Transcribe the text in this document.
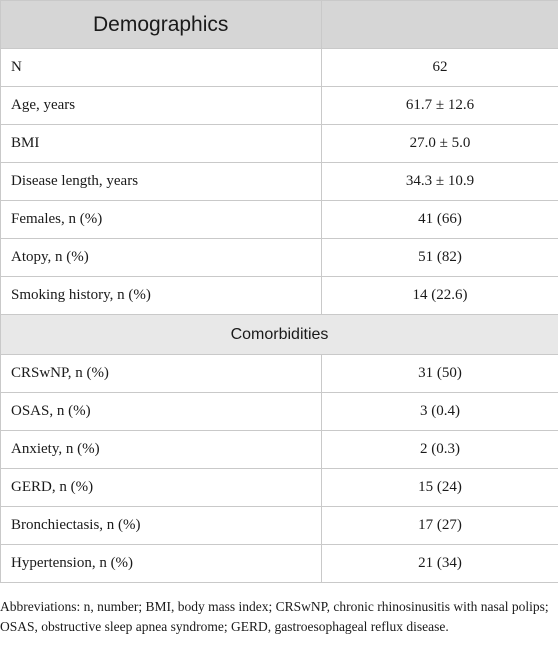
Demographics	
N	62
Age, years	61.7 ± 12.6
BMI	27.0 ± 5.0
Disease length, years	34.3 ± 10.9
Females, n (%)	41 (66)
Atopy, n (%)	51 (82)
Smoking history, n (%)	14 (22.6)
Comorbidities	
CRSwNP, n (%)	31 (50)
OSAS, n (%)	3 (0.4)
Anxiety, n (%)	2 (0.3)
GERD, n (%)	15 (24)
Bronchiectasis, n (%)	17 (27)
Hypertension, n (%)	21 (34)

Abbreviations: n, number; BMI, body mass index; CRSwNP, chronic rhinosinusitis with nasal polips; OSAS, obstructive sleep apnea syndrome; GERD, gastroesophageal reflux disease.
